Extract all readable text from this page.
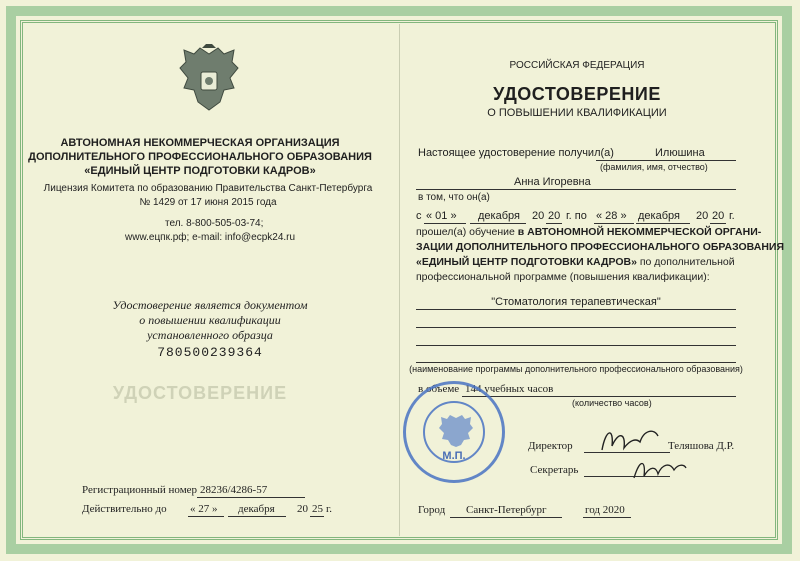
АВТОНОМНАЯ НЕКОММЕРЧЕСКАЯ ОРГАНИЗАЦИЯ
ДОПОЛНИТЕЛЬНОГО ПРОФЕССИОНАЛЬНОГО ОБРАЗОВАНИЯ
«ЕДИНЫЙ ЦЕНТР ПОДГОТОВКИ КАДРОВ»
Лицензия Комитета по образованию Правительства Санкт-Петербурга
№ 1429 от 17 июня 2015 года
тел. 8-800-505-03-74;
www.ецпк.рф; e-mail: info@ecpk24.ru
Удостоверение является документом
о повышении квалификации
установленного образца
780500239364
УДОСТОВЕРЕНИЕ
Регистрационный номер 28236/4286-57
Действительно до « 27 » декабря 20 25 г.
РОССИЙСКАЯ ФЕДЕРАЦИЯ
УДОСТОВЕРЕНИЕ
О ПОВЫШЕНИИ КВАЛИФИКАЦИИ
Настоящее удостоверение получил(а)	Илюшина
(фамилия, имя, отчество)
Анна Игоревна
в том, что он(а)
с « 01 » декабря 20 20 г. по « 28 » декабря 20 20 г.
прошел(а) обучение в АВТОНОМНОЙ НЕКОММЕРЧЕСКОЙ ОРГАНИ-
ЗАЦИИ ДОПОЛНИТЕЛЬНОГО ПРОФЕССИОНАЛЬНОГО ОБРАЗОВАНИЯ
«ЕДИНЫЙ ЦЕНТР ПОДГОТОВКИ КАДРОВ» по дополнительной
профессиональной программе (повышения квалификации):
"Стоматология терапевтическая"
(наименование программы дополнительного профессионального образования)
в объеме 144 учебных часов
(количество часов)
М.П.
Директор	Теляшова Д.Р.
Секретарь
Город Санкт-Петербург	год 2020
